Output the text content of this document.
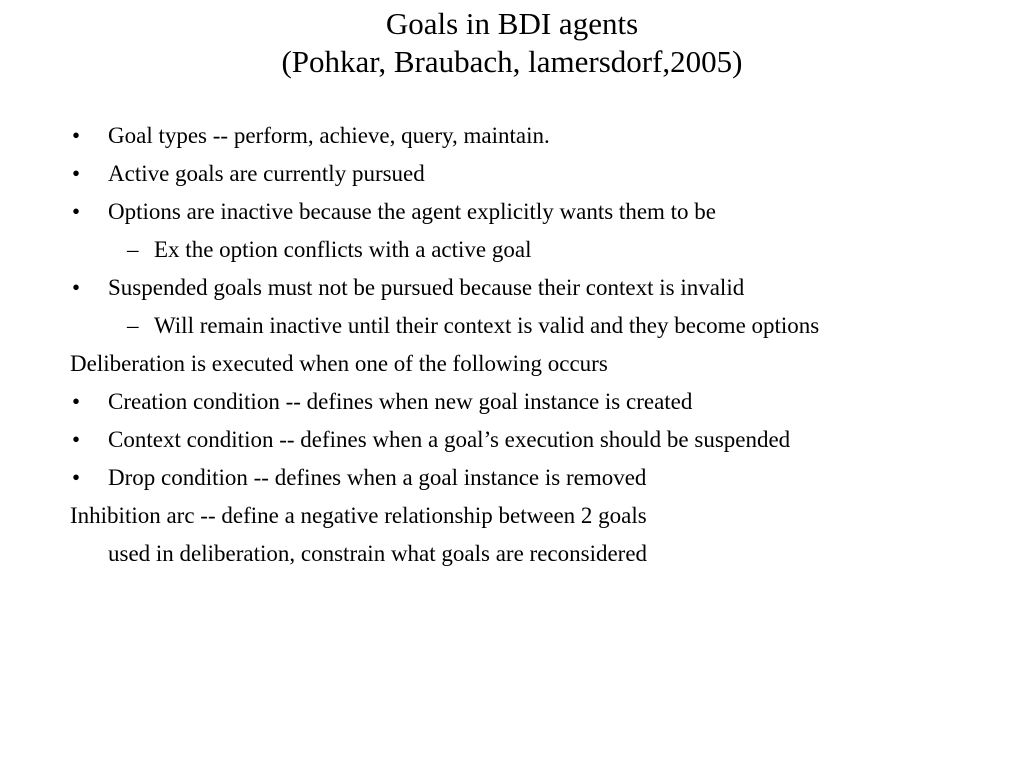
Goals in BDI agents
(Pohkar, Braubach, lamersdorf,2005)
• Goal types -- perform, achieve, query, maintain.
• Active goals are currently pursued
• Options are inactive because the agent explicitly wants them to be
– Ex the option conflicts with a active goal
• Suspended goals must not be pursued because their context is invalid
– Will remain inactive until their context is valid and they become options
Deliberation is executed when one of the following occurs
• Creation condition -- defines when new goal instance is created
• Context condition -- defines when a goal’s execution should be suspended
• Drop condition -- defines when a goal instance is removed
Inhibition arc -- define a negative relationship between 2 goals
used in deliberation, constrain what goals are reconsidered
